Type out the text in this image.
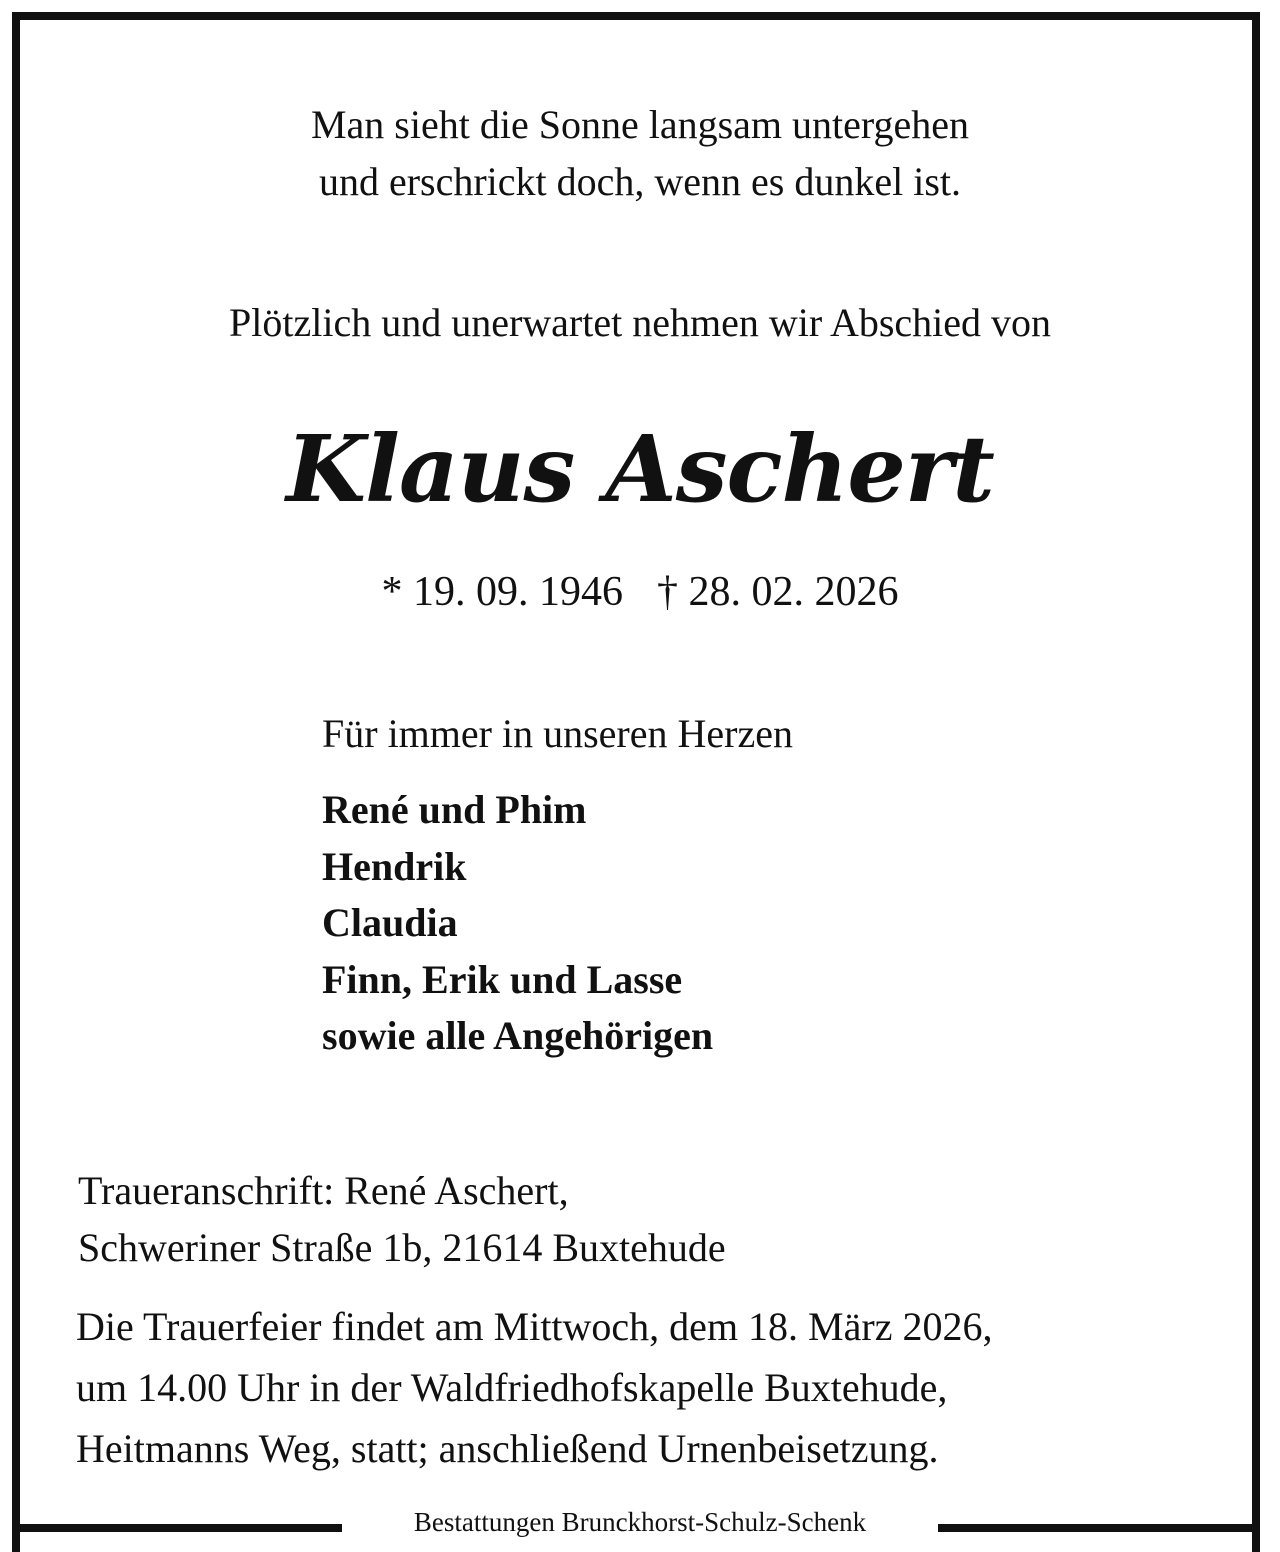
Man sieht die Sonne langsam untergehen
und erschrickt doch, wenn es dunkel ist.
Plötzlich und unerwartet nehmen wir Abschied von
Klaus Aschert
* 19. 09. 1946 † 28. 02. 2026
Für immer in unseren Herzen
René und Phim
Hendrik
Claudia
Finn, Erik und Lasse
sowie alle Angehörigen
Traueranschrift: René Aschert,
Schweriner Straße 1b, 21614 Buxtehude
Die Trauerfeier findet am Mittwoch, dem 18. März 2026,
um 14.00 Uhr in der Waldfriedhofskapelle Buxtehude,
Heitmanns Weg, statt; anschließend Urnenbeisetzung.
Bestattungen Brunckhorst-Schulz-Schenk
